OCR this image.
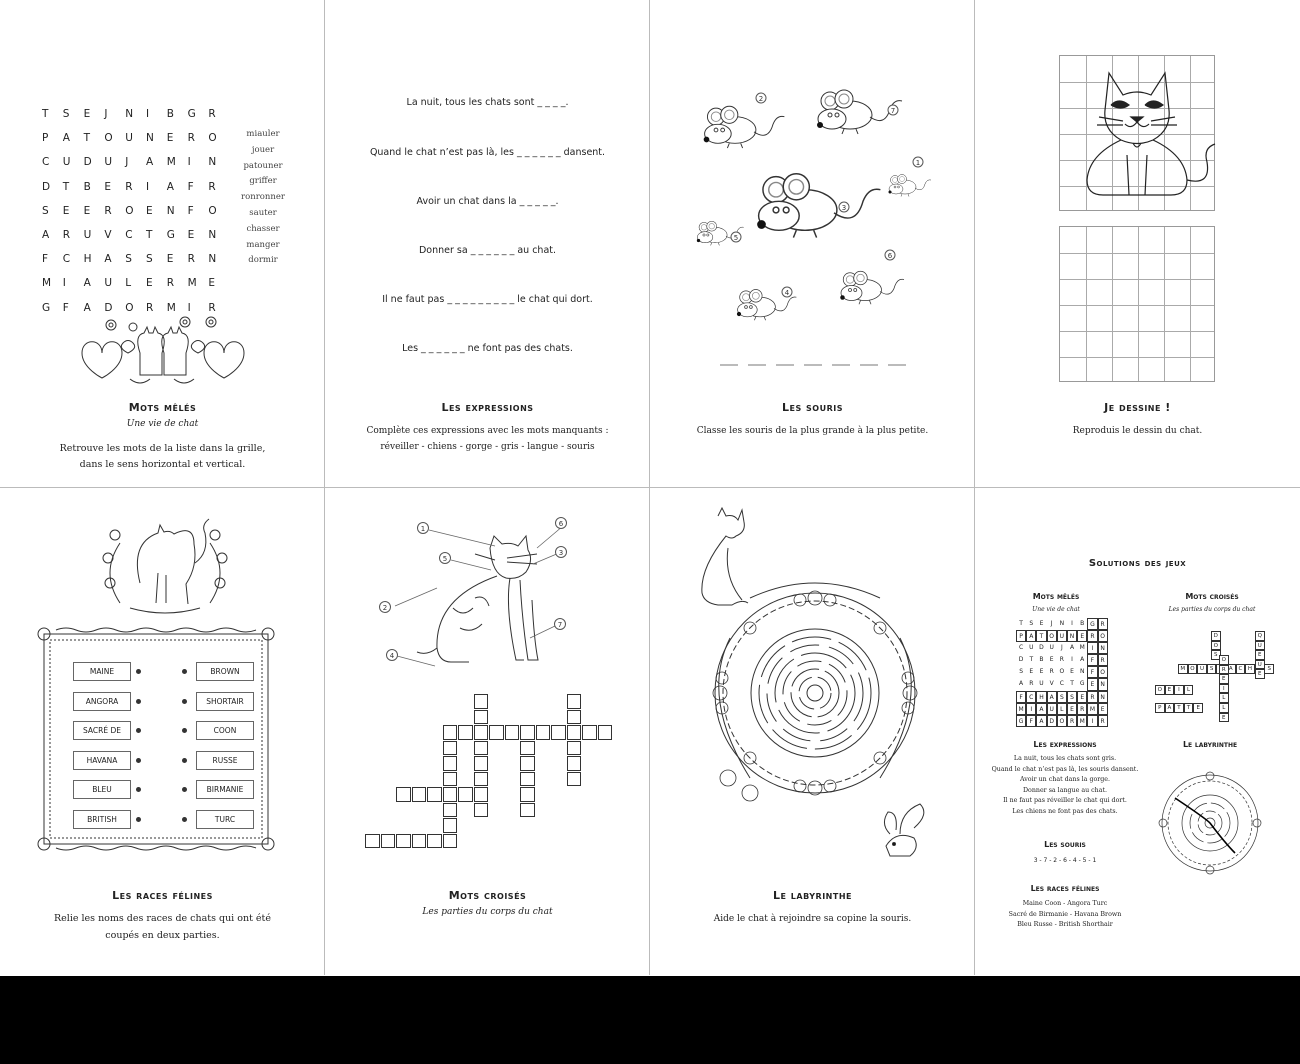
T	S	E	J	N	I	B	G	R
P	A	T	O	U	N	E	R	O
C	U	D	U	J	A	M	I	N
D	T	B	E	R	I	A	F	R
S	E	E	R	O	E	N	F	O
A	R	U	V	C	T	G	E	N
F	C	H	A	S	S	E	R	N
M	I	A	U	L	E	R	M	E
G	F	A	D	O	R	M	I	R
miauler
jouer
patouner
griffer
ronronner
sauter
chasser
manger
dormir
Mots mêlés
Une vie de chat
Retrouve les mots de la liste dans la grille,
dans le sens horizontal et vertical.
La nuit, tous les chats sont _ _ _ _.
Quand le chat n’est pas là, les _ _ _ _ _ _ dansent.
Avoir un chat dans la _ _ _ _ _.
Donner sa _ _ _ _ _ _ au chat.
Il ne faut pas _ _ _ _ _ _ _ _ _ le chat qui dort.
Les _ _ _ _ _ _ ne font pas des chats.
Les expressions
Complète ces expressions avec les mots manquants :
réveiller - chiens - gorge - gris - langue - souris
2
7
1
3
5
6
4
Les souris
Classe les souris de la plus grande à la plus petite.
Je dessine !
Reproduis le dessin du chat.
Les races félines
Relie les noms des races de chats qui ont été
coupés en deux parties.
MAINE
ANGORA
SACRÉ DE
HAVANA
BLEU
BRITISH
BROWN
SHORTAIR
COON
RUSSE
BIRMANIE
TURC
1
6
5
3
2
7
4
Mots croisés
Les parties du corps du chat
Le labyrinthe
Aide le chat à rejoindre sa copine la souris.
Solutions des jeux
Mots mêlés
Une vie de chat
Mots croisés
Les parties du corps du chat
Les expressions
La nuit, tous les chats sont gris.
Quand le chat n’est pas là, les souris dansent.
Avoir un chat dans la gorge.
Donner sa langue au chat.
Il ne faut pas réveiller le chat qui dort.
Les chiens ne font pas des chats.
Le labyrinthe
Les souris
3 - 7 - 2 - 6 - 4 - 5 - 1
Les races félines
Maine Coon - Angora Turc
Sacré de Birmanie - Havana Brown
Bleu Russe - British Shorthair
M O U	S	A	C	H	S
O	E	I	L
P	A	T	T	E
D
O
S
Q
U
E
U
E
O
R
E
I
L
L
E
T	S	E	J	N	I	B G R
P	A	T O U N	E	R O
C U D U	J	A M	I	N
D	T	B	E	R	I	A	F	R
S	E	E	R O E	N	F	O
A	R U V	C	T	G E	N
F	C H A	S	S	E	R N
M	I	A U	L	E	R M E
G	F	A D O R M	I	R
